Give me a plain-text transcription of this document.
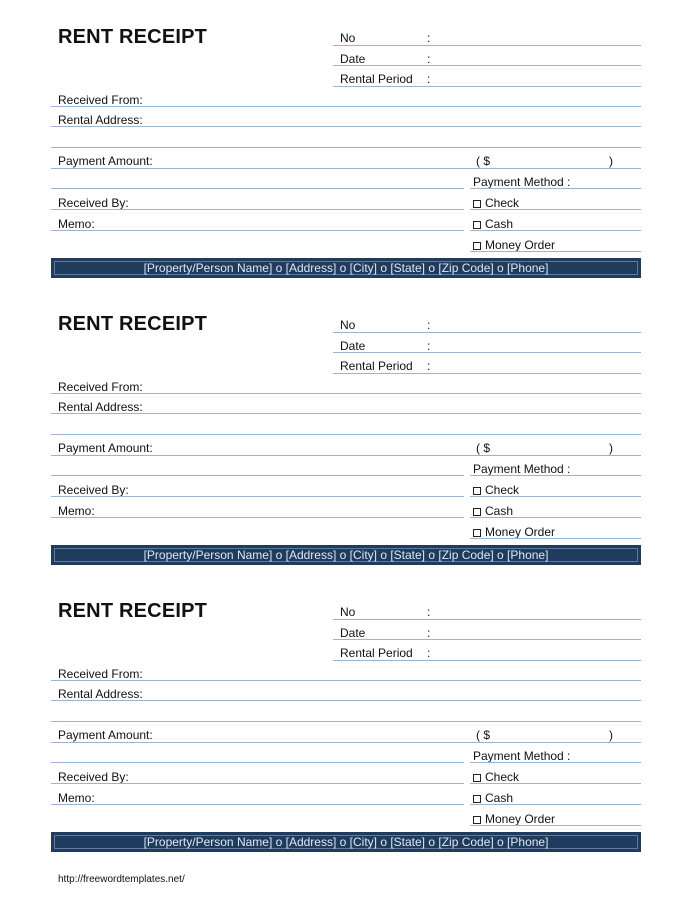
RENT RECEIPT	No	:
Date	:
Rental Period :
Received From:
Rental Address:
Payment Amount:	( $	)
Payment Method :
Received By:	Check
Memo:	Cash
Money Order
[Property/Person Name] o [Address] o [City] o [State] o [Zip Code] o [Phone]
RENT RECEIPT	No	:
Date	:
Rental Period :
Received From:
Rental Address:
Payment Amount:	( $	)
Payment Method :
Received By:	Check
Memo:	Cash
Money Order
[Property/Person Name] o [Address] o [City] o [State] o [Zip Code] o [Phone]
RENT RECEIPT	No	:
Date	:
Rental Period :
Received From:
Rental Address:
Payment Amount:	( $	)
Payment Method :
Received By:	Check
Memo:	Cash
Money Order
[Property/Person Name] o [Address] o [City] o [State] o [Zip Code] o [Phone]
http://freewordtemplates.net/
